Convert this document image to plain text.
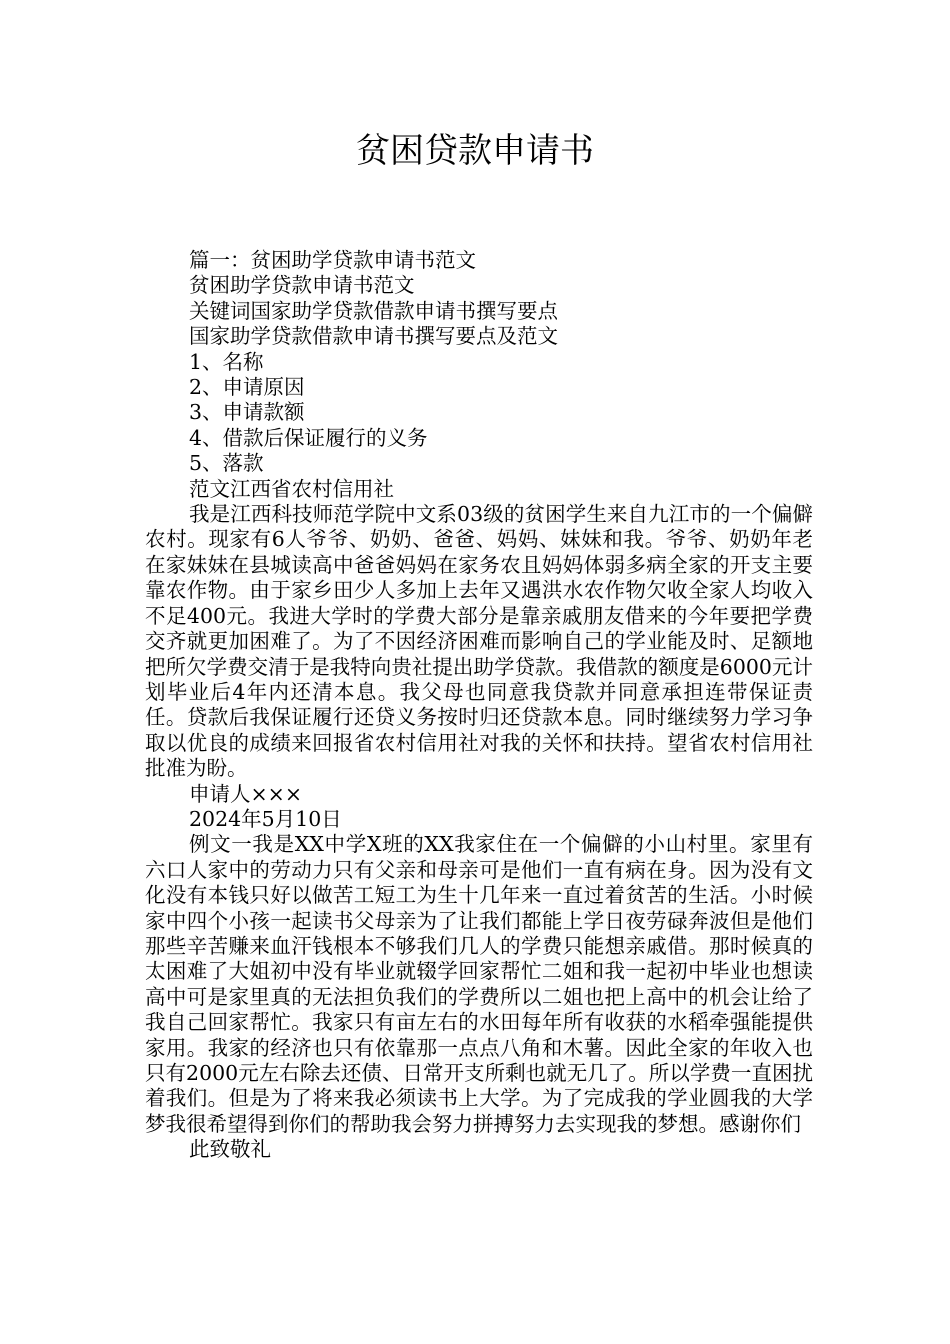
贫困贷款申请书

篇一：贫困助学贷款申请书范文

贫困助学贷款申请书范文

关键词国家助学贷款借款申请书撰写要点

国家助学贷款借款申请书撰写要点及范文

1、名称

2、申请原因

3、申请款额

4、借款后保证履行的义务

5、落款

范文江西省农村信用社

我是江西科技师范学院中文系03级的贫困学生来自九江市的一个偏僻农村。现家有6人爷爷、奶奶、爸爸、妈妈、妹妹和我。爷爷、奶奶年老在家妹妹在县城读高中爸爸妈妈在家务农且妈妈体弱多病全家的开支主要靠农作物。由于家乡田少人多加上去年又遇洪水农作物欠收全家人均收入不足400元。我进大学时的学费大部分是靠亲戚朋友借来的今年要把学费交齐就更加困难了。为了不因经济困难而影响自己的学业能及时、足额地把所欠学费交清于是我特向贵社提出助学贷款。我借款的额度是6000元计划毕业后4年内还清本息。我父母也同意我贷款并同意承担连带保证责任。贷款后我保证履行还贷义务按时归还贷款本息。同时继续努力学习争取以优良的成绩来回报省农村信用社对我的关怀和扶持。望省农村信用社批准为盼。

申请人×××

2024年5月10日

例文一我是XX中学X班的XX我家住在一个偏僻的小山村里。家里有六口人家中的劳动力只有父亲和母亲可是他们一直有病在身。因为没有文化没有本钱只好以做苦工短工为生十几年来一直过着贫苦的生活。小时候家中四个小孩一起读书父母亲为了让我们都能上学日夜劳碌奔波但是他们那些辛苦赚来血汗钱根本不够我们几人的学费只能想亲戚借。那时候真的太困难了大姐初中没有毕业就辍学回家帮忙二姐和我一起初中毕业也想读高中可是家里真的无法担负我们的学费所以二姐也把上高中的机会让给了我自己回家帮忙。我家只有亩左右的水田每年所有收获的水稻牵强能提供家用。我家的经济也只有依靠那一点点八角和木薯。因此全家的年收入也只有2000元左右除去还债、日常开支所剩也就无几了。所以学费一直困扰着我们。但是为了将来我必须读书上大学。为了完成我的学业圆我的大学梦我很希望得到你们的帮助我会努力拼搏努力去实现我的梦想。感谢你们

此致敬礼
